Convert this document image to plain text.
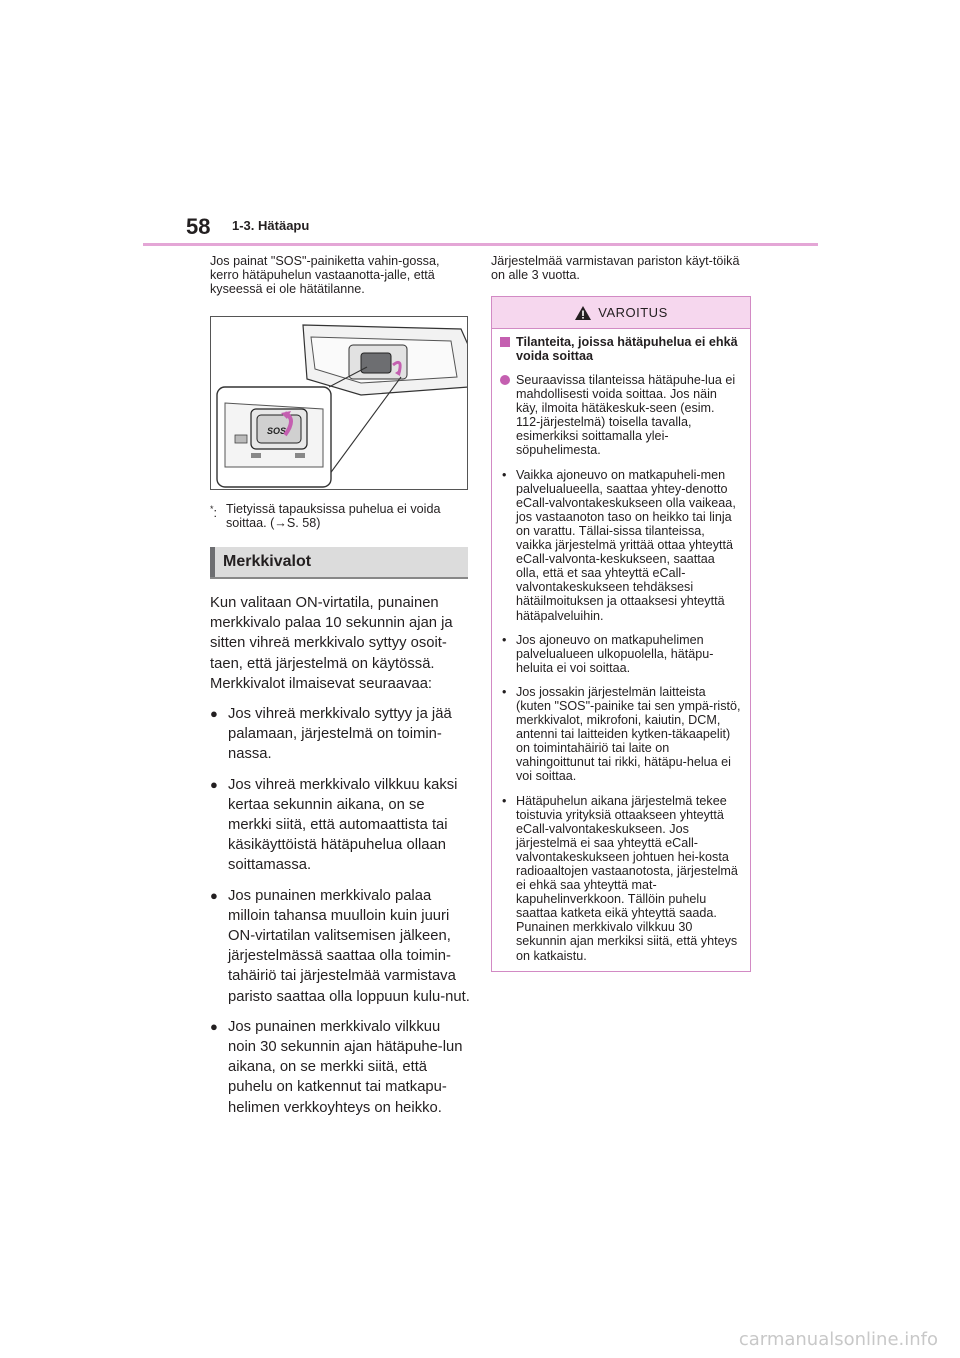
58 1-3. Hätäapu

Jos painat "SOS"-painiketta vahin-gossa, kerro hätäpuhelun vastaanotta-jalle, että kyseessä ei ole hätätilanne.

SOS
*: Tietyissä tapauksissa puhelua ei voida soittaa. (→S. 58)
Merkkivalot

Kun valitaan ON-virtatila, punainen merkkivalo palaa 10 sekunnin ajan ja sitten vihreä merkkivalo syttyy osoit-taen, että järjestelmä on käytössä. Merkkivalot ilmaisevat seuraavaa:

● Jos vihreä merkkivalo syttyy ja jää palamaan, järjestelmä on toimin-nassa.
● Jos vihreä merkkivalo vilkkuu kaksi kertaa sekunnin aikana, on se merkki siitä, että automaattista tai käsikäyttöistä hätäpuhelua ollaan soittamassa.
● Jos punainen merkkivalo palaa milloin tahansa muulloin kuin juuri ON-virtatilan valitsemisen jälkeen, järjestelmässä saattaa olla toimin-tahäiriö tai järjestelmää varmistava paristo saattaa olla loppuun kulu-nut.
● Jos punainen merkkivalo vilkkuu noin 30 sekunnin ajan hätäpuhe-lun aikana, on se merkki siitä, että puhelu on katkennut tai matkapu-helimen verkkoyhteys on heikko.

Järjestelmää varmistavan pariston käyt-töikä on alle 3 vuotta.

VAROITUS
Tilanteita, joissa hätäpuhelua ei ehkä voida soittaa
Seuraavissa tilanteissa hätäpuhe-lua ei mahdollisesti voida soittaa. Jos näin käy, ilmoita hätäkeskuk-seen (esim. 112-järjestelmä) toisella tavalla, esimerkiksi soittamalla ylei-söpuhelimesta.
• Vaikka ajoneuvo on matkapuheli-men palvelualueella, saattaa yhtey-denotto eCall-valvontakeskukseen olla vaikeaa, jos vastaanoton taso on heikko tai linja on varattu. Tällai-sissa tilanteissa, vaikka järjestelmä yrittää ottaa yhteyttä eCall-valvonta-keskukseen, saattaa olla, että et saa yhteyttä eCall-valvontakeskukseen tehdäksesi hätäilmoituksen ja ottaaksesi yhteyttä hätäpalveluihin.
• Jos ajoneuvo on matkapuhelimen palvelualueen ulkopuolella, hätäpu-heluita ei voi soittaa.
• Jos jossakin järjestelmän laitteista (kuten "SOS"-painike tai sen ympä-ristö, merkkivalot, mikrofoni, kaiutin, DCM, antenni tai laitteiden kytken-täkaapelit) on toimintahäiriö tai laite on vahingoittunut tai rikki, hätäpu-helua ei voi soittaa.
• Hätäpuhelun aikana järjestelmä tekee toistuvia yrityksiä ottaakseen yhteyttä eCall-valvontakeskukseen. Jos järjestelmä ei saa yhteyttä eCall-valvontakeskukseen johtuen hei-kosta radioaaltojen vastaanotosta, järjestelmä ei ehkä saa yhteyttä mat-kapuhelinverkkoon. Tällöin puhelu saattaa katketa eikä yhteyttä saada. Punainen merkkivalo vilkkuu 30 sekunnin ajan merkiksi siitä, että yhteys on katkaistu.
carmanualsonline.info
